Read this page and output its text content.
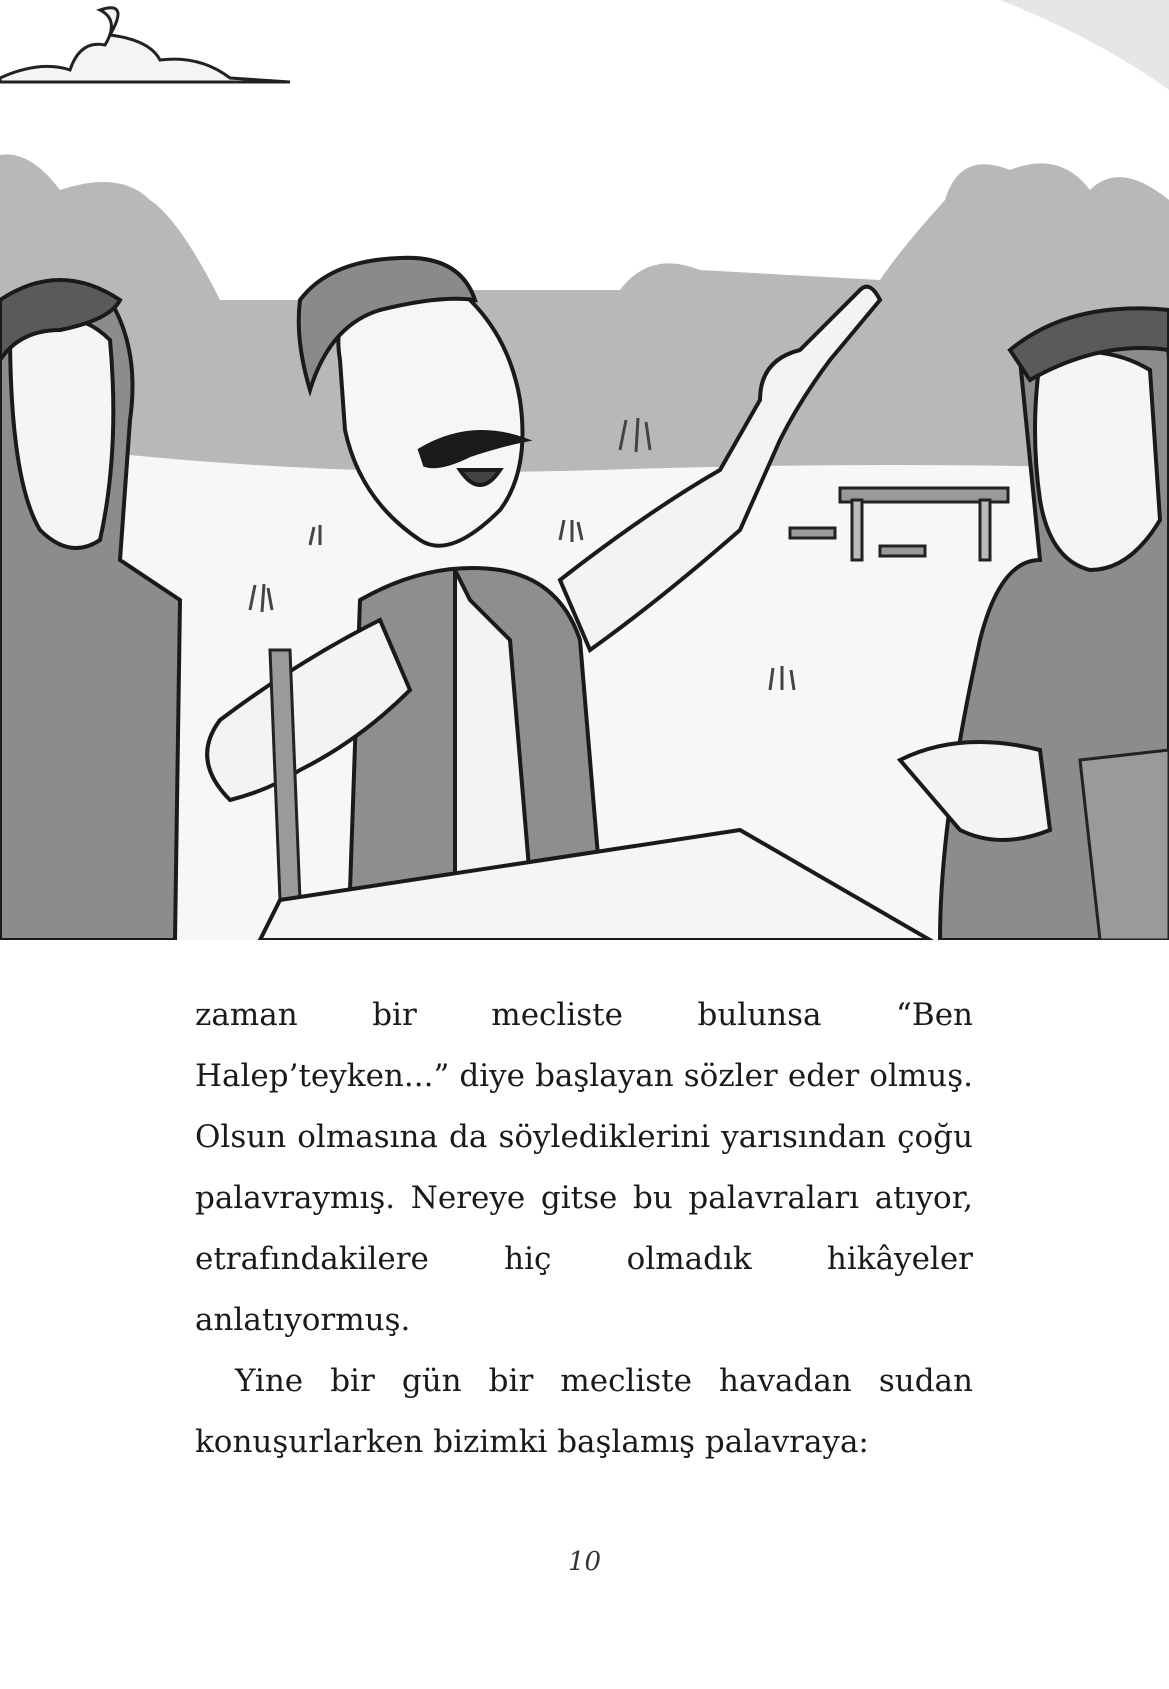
zaman bir mecliste bulunsa “Ben Halep’teyken...” diye başlayan sözler eder olmuş. Olsun olmasına da söylediklerini yarısından çoğu palavraymış. Nereye gitse bu palavraları atıyor, etrafındakilere hiç olmadık hikâyeler anlatıyormuş.

Yine bir gün bir mecliste havadan sudan konuşurlarken bizimki başlamış palavraya:

10
